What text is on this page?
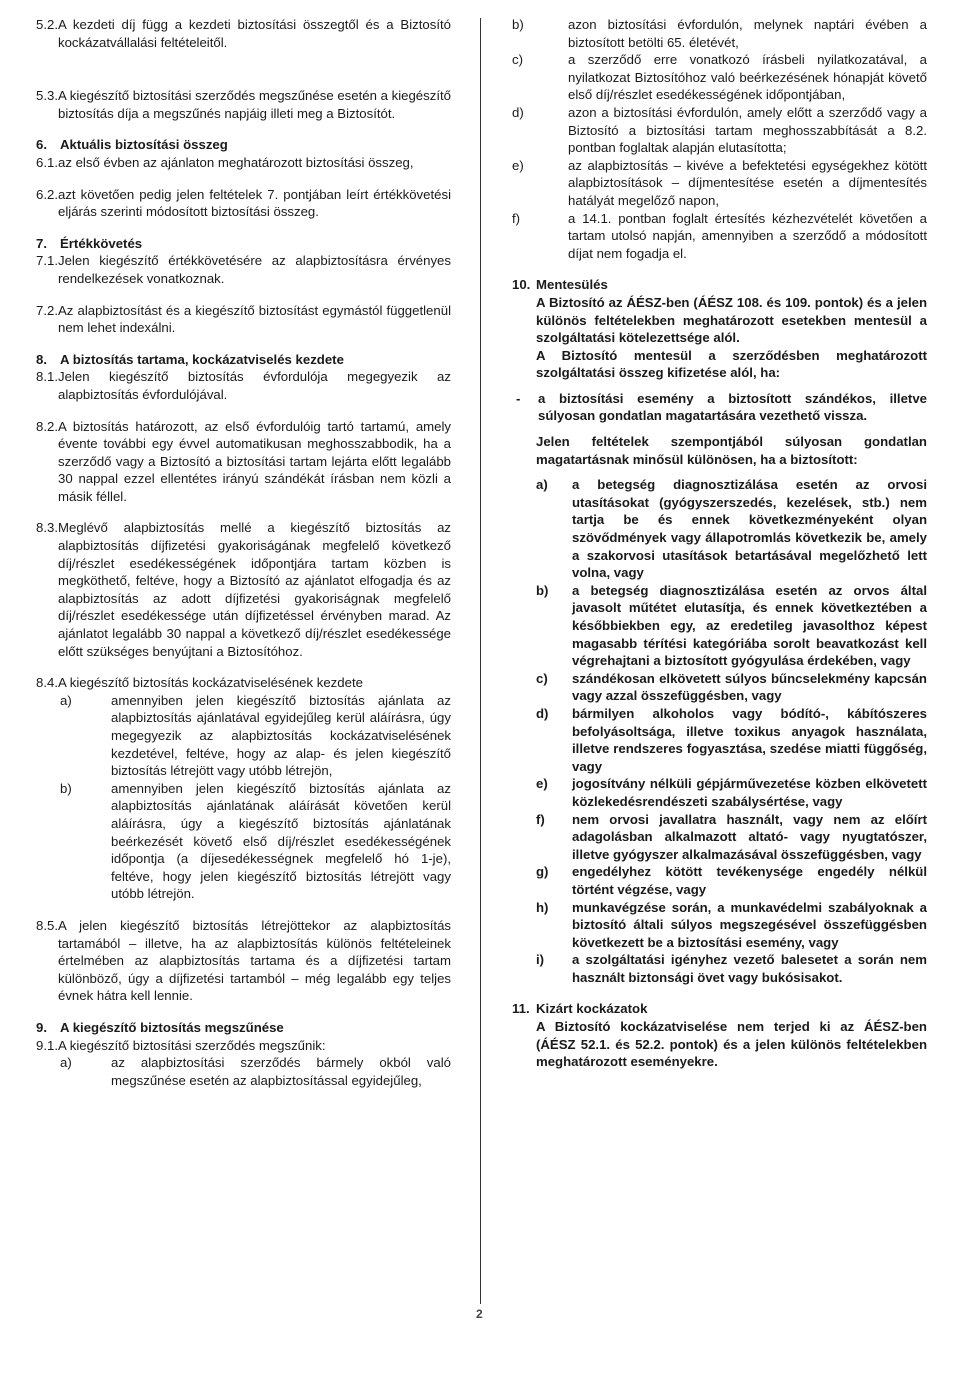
2
5.2. A kezdeti díj függ a kezdeti biztosítási összegtől és a Biztosító kockázatvállalási feltételeitől.
5.3. A kiegészítő biztosítási szerződés megszűnése esetén a kiegészítő biztosítás díja a megszűnés napjáig illeti meg a Biztosítót.
6. Aktuális biztosítási összeg
6.1. az első évben az ajánlaton meghatározott biztosítási összeg,
6.2. azt követően pedig jelen feltételek 7. pontjában leírt értékkövetési eljárás szerinti módosított biztosítási összeg.
7. Értékkövetés
7.1. Jelen kiegészítő értékkövetésére az alapbiztosításra érvényes rendelkezések vonatkoznak.
7.2. Az alapbiztosítást és a kiegészítő biztosítást egymástól függetlenül nem lehet indexálni.
8. A biztosítás tartama, kockázatviselés kezdete
8.1. Jelen kiegészítő biztosítás évfordulója megegyezik az alapbiztosítás évfordulójával.
8.2. A biztosítás határozott, az első évfordulóig tartó tartamú, amely évente további egy évvel automatikusan meghosszabbodik, ha a szerződő vagy a Biztosító a biztosítási tartam lejárta előtt legalább 30 nappal ezzel ellentétes irányú szándékát írásban nem közli a másik féllel.
8.3. Meglévő alapbiztosítás mellé a kiegészítő biztosítás az alapbiztosítás díjfizetési gyakoriságának megfelelő következő díj/részlet esedékességének időpontjára tartam közben is megköthető, feltéve, hogy a Biztosító az ajánlatot elfogadja és az alapbiztosítás az adott díjfizetési gyakoriságnak megfelelő díj/részlet esedékessége után díjfizetéssel érvényben marad. Az ajánlatot legalább 30 nappal a következő díj/részlet esedékessége előtt szükséges benyújtani a Biztosítóhoz.
8.4. A kiegészítő biztosítás kockázatviselésének kezdete
a)	amennyiben jelen kiegészítő biztosítás ajánlata az alapbiztosítás ajánlatával egyidejűleg kerül aláírásra, úgy megegyezik az alapbiztosítás kockázatviselésének kezdetével, feltéve, hogy az alap- és jelen kiegészítő biztosítás létrejött vagy utóbb létrejön,
b)	amennyiben jelen kiegészítő biztosítás ajánlata az alapbiztosítás ajánlatának aláírását követően kerül aláírásra, úgy a kiegészítő biztosítás ajánlatának beérkezését követő első díj/részlet esedékességének időpontja (a díjesedékességnek megfelelő hó 1-je), feltéve, hogy jelen kiegészítő biztosítás létrejött vagy utóbb létrejön.
8.5. A jelen kiegészítő biztosítás létrejöttekor az alapbiztosítás tartamából – illetve, ha az alapbiztosítás különös feltételeinek értelmében az alapbiztosítás tartama és a díjfizetési tartam különböző, úgy a díjfizetési tartamból – még legalább egy teljes évnek hátra kell lennie.
9. A kiegészítő biztosítás megszűnése
9.1. A kiegészítő biztosítási szerződés megszűnik:
a)	az alapbiztosítási szerződés bármely okból való megszűnése esetén az alapbiztosítással egyidejűleg,
b)	azon biztosítási évfordulón, melynek naptári évében a biztosított betölti 65. életévét,
c)	a szerződő erre vonatkozó írásbeli nyilatkozatával, a nyilatkozat Biztosítóhoz való beérkezésének hónapját követő első díj/részlet esedékességének időpontjában,
d)	azon a biztosítási évfordulón, amely előtt a szerződő vagy a Biztosító a biztosítási tartam meghosszabbítását a 8.2. pontban foglaltak alapján elutasította;
e)	az alapbiztosítás – kivéve a befektetési egységekhez kötött alapbiztosítások – díjmentesítése esetén a díjmentesítés hatályát megelőző napon,
f)	a 14.1. pontban foglalt értesítés kézhezvételét követően a tartam utolsó napján, amennyiben a szerződő a módosított díjat nem fogadja el.
10. Mentesülés
A Biztosító az ÁÉSZ-ben (ÁÉSZ 108. és 109. pontok) és a jelen különös feltételekben meghatározott esetekben mentesül a szolgáltatási kötelezettsége alól.
A Biztosító mentesül a szerződésben meghatározott szolgáltatási összeg kifizetése alól, ha:
-	a biztosítási esemény a biztosított szándékos, illetve súlyosan gondatlan magatartására vezethető vissza.
Jelen feltételek szempontjából súlyosan gondatlan magatartásnak minősül különösen, ha a biztosított:
a)	a betegség diagnosztizálása esetén az orvosi utasításokat (gyógyszerszedés, kezelések, stb.) nem tartja be és ennek következményeként olyan szövődmények vagy állapotromlás következik be, amely a szakorvosi utasítások betartásával megelőzhető lett volna, vagy
b)	a betegség diagnosztizálása esetén az orvos által javasolt műtétet elutasítja, és ennek következtében a későbbiekben egy, az eredetileg javasolthoz képest magasabb térítési kategóriába sorolt beavatkozást kell végrehajtani a biztosított gyógyulása érdekében, vagy
c)	szándékosan elkövetett súlyos bűncselekmény kapcsán vagy azzal összefüggésben, vagy
d)	bármilyen alkoholos vagy bódító-, kábítószeres befolyásoltsága, illetve toxikus anyagok használata, illetve rendszeres fogyasztása, szedése miatti függőség, vagy
e)	jogosítvány nélküli gépjárművezetése közben elkövetett közlekedésrendészeti szabálysértése, vagy
f)	nem orvosi javallatra használt, vagy nem az előírt adagolásban alkalmazott altató- vagy nyugtatószer, illetve gyógyszer alkalmazásával összefüggésben, vagy
g)	engedélyhez kötött tevékenysége engedély nélkül történt végzése, vagy
h)	munkavégzése során, a munkavédelmi szabályoknak a biztosító általi súlyos megszegésével összefüggésben következett be a biztosítási esemény, vagy
i)	a szolgáltatási igényhez vezető balesetet a során nem használt biztonsági övet vagy bukósisakot.
11. Kizárt kockázatok
A Biztosító kockázatviselése nem terjed ki az ÁÉSZ-ben (ÁÉSZ 52.1. és 52.2. pontok) és a jelen különös feltételekben meghatározott eseményekre.
